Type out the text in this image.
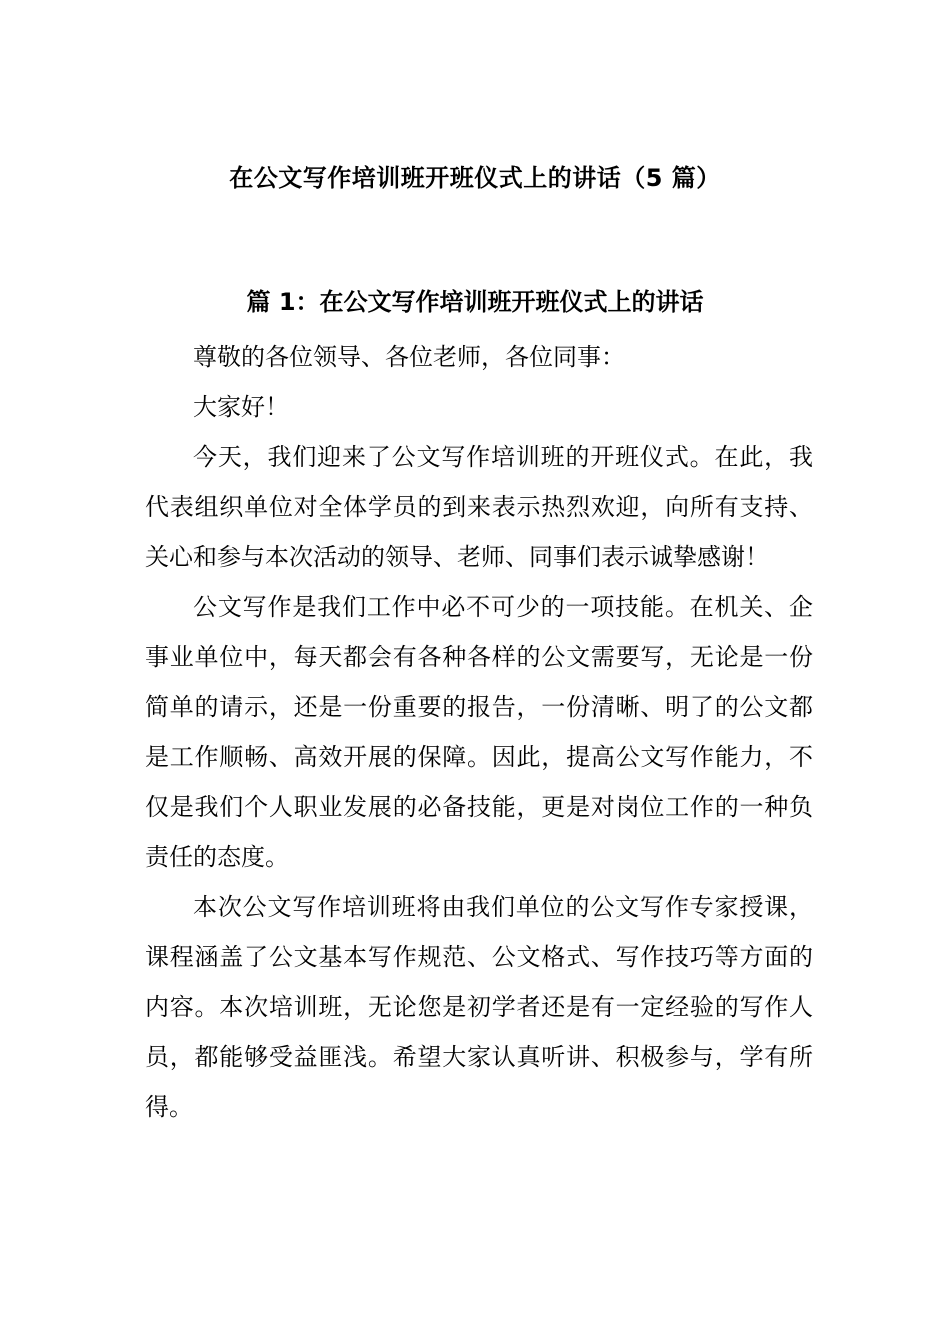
在公文写作培训班开班仪式上的讲话（5 篇）
篇 1：在公文写作培训班开班仪式上的讲话

尊敬的各位领导、各位老师，各位同事：

大家好！

今天，我们迎来了公文写作培训班的开班仪式。在此，我代表组织单位对全体学员的到来表示热烈欢迎，向所有支持、关心和参与本次活动的领导、老师、同事们表示诚挚感谢！

公文写作是我们工作中必不可少的一项技能。在机关、企事业单位中，每天都会有各种各样的公文需要写，无论是一份简单的请示，还是一份重要的报告，一份清晰、明了的公文都是工作顺畅、高效开展的保障。因此，提高公文写作能力，不仅是我们个人职业发展的必备技能，更是对岗位工作的一种负责任的态度。

本次公文写作培训班将由我们单位的公文写作专家授课，课程涵盖了公文基本写作规范、公文格式、写作技巧等方面的内容。本次培训班，无论您是初学者还是有一定经验的写作人员，都能够受益匪浅。希望大家认真听讲、积极参与，学有所得。
